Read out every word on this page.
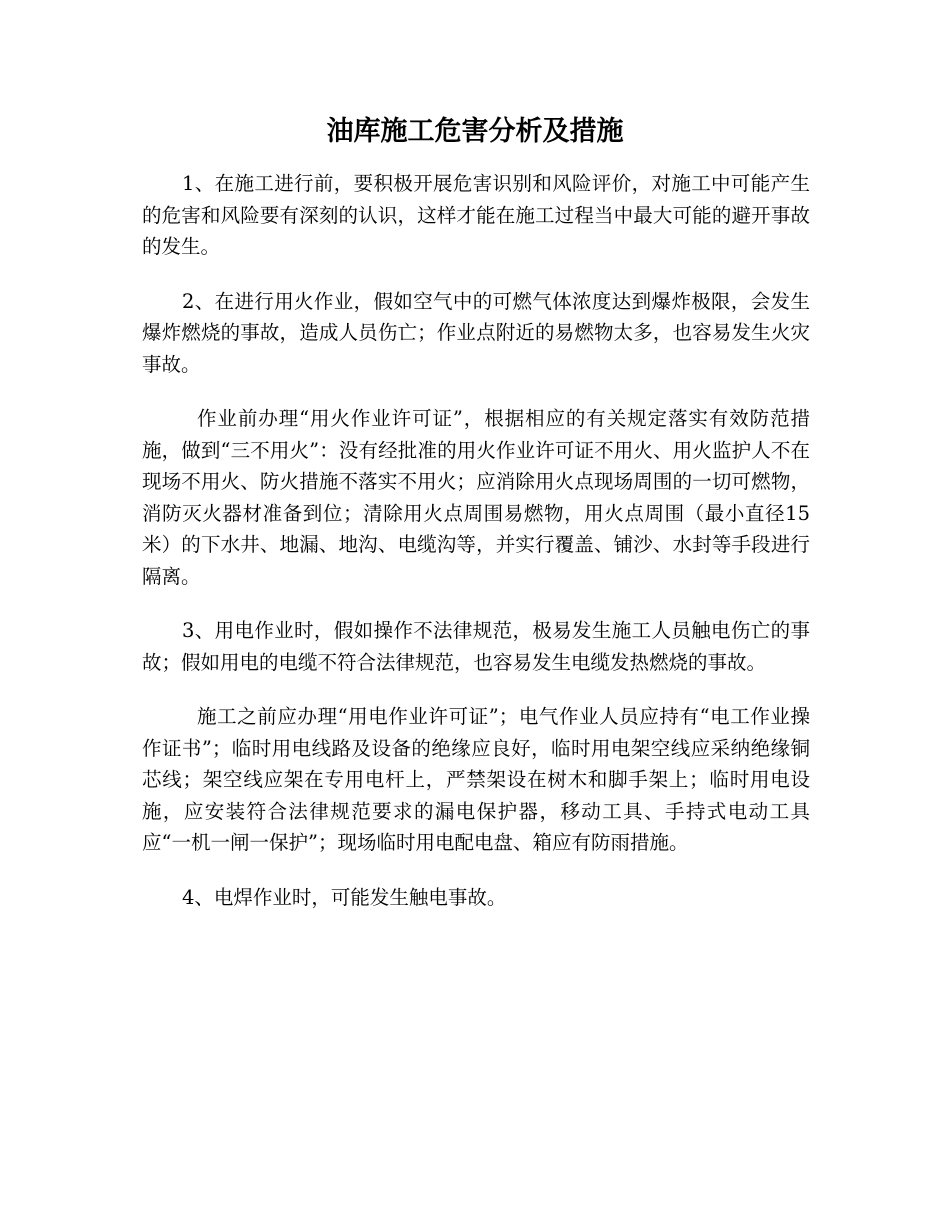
油库施工危害分析及措施

1、在施工进行前，要积极开展危害识别和风险评价，对施工中可能产生的危害和风险要有深刻的认识，这样才能在施工过程当中最大可能的避开事故的发生。

2、在进行用火作业，假如空气中的可燃气体浓度达到爆炸极限，会发生爆炸燃烧的事故，造成人员伤亡；作业点附近的易燃物太多，也容易发生火灾事故。

作业前办理“用火作业许可证”，根据相应的有关规定落实有效防范措施，做到“三不用火”：没有经批准的用火作业许可证不用火、用火监护人不在现场不用火、防火措施不落实不用火；应消除用火点现场周围的一切可燃物，消防灭火器材准备到位；清除用火点周围易燃物，用火点周围（最小直径15米）的下水井、地漏、地沟、电缆沟等，并实行覆盖、铺沙、水封等手段进行隔离。

3、用电作业时，假如操作不法律规范，极易发生施工人员触电伤亡的事故；假如用电的电缆不符合法律规范，也容易发生电缆发热燃烧的事故。

施工之前应办理“用电作业许可证”；电气作业人员应持有“电工作业操作证书”；临时用电线路及设备的绝缘应良好，临时用电架空线应采纳绝缘铜芯线；架空线应架在专用电杆上，严禁架设在树木和脚手架上；临时用电设施，应安装符合法律规范要求的漏电保护器，移动工具、手持式电动工具应“一机一闸一保护”；现场临时用电配电盘、箱应有防雨措施。

4、电焊作业时，可能发生触电事故。
